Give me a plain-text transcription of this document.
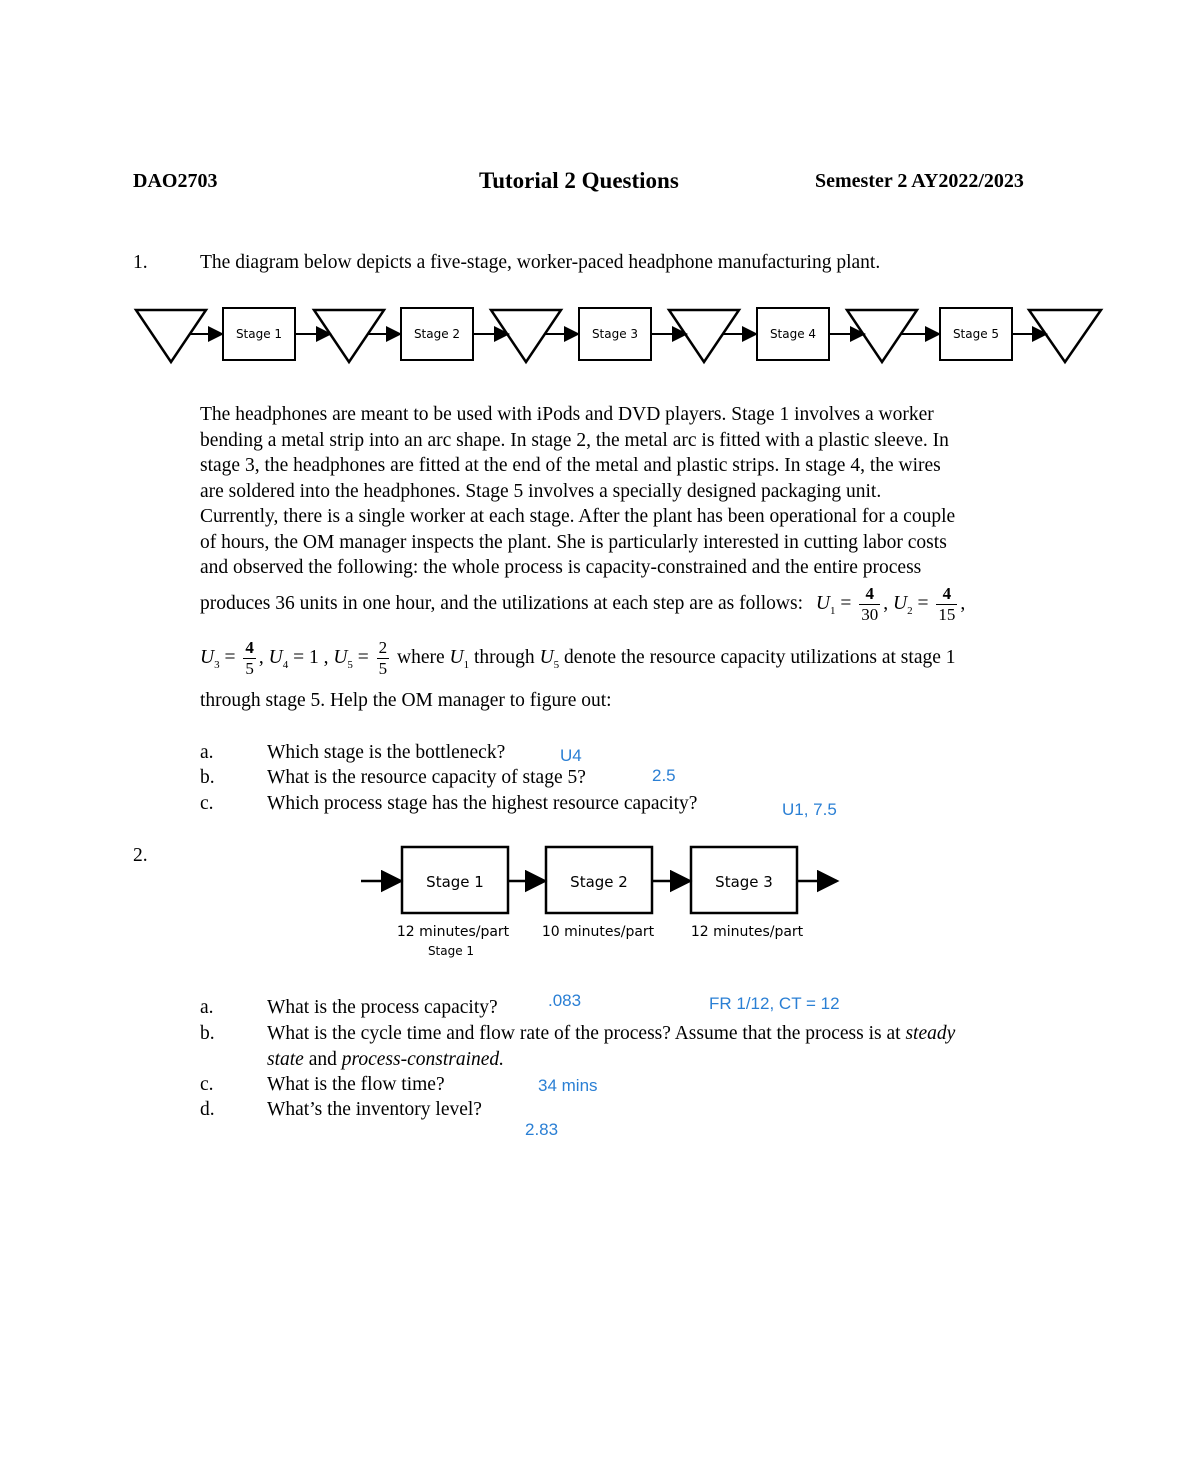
DAO2703	Tutorial 2 Questions	Semester 2 AY2022/2023
1.	The diagram below depicts a five-stage, worker-paced headphone manufacturing plant.
Stage 1	Stage 2	Stage 3	Stage 4	Stage 5
The headphones are meant to be used with iPods and DVD players. Stage 1 involves a worker
bending a metal strip into an arc shape. In stage 2, the metal arc is fitted with a plastic sleeve. In
stage 3, the headphones are fitted at the end of the metal and plastic strips. In stage 4, the wires
are soldered into the headphones. Stage 5 involves a specially designed packaging unit.
Currently, there is a single worker at each stage. After the plant has been operational for a couple
of hours, the OM manager inspects the plant. She is particularly interested in cutting labor costs
and observed the following: the whole process is capacity-constrained and the entire process
produces 36 units in one hour, and the utilizations at each step are as follows: $U_1 = \frac{4}{30}$ , $U_2 = \frac{4}{15}$ ,
$U_3 = \frac{4}{5}$ , $U_4 = 1$ , $U_5 = \frac{2}{5}$ where $U_1$ through $U_5$ denote the resource capacity utilizations at stage 1
through stage 5. Help the OM manager to figure out:
a.	Which stage is the bottleneck?	U4
b.	What is the resource capacity of stage 5?	2.5
c.	Which process stage has the highest resource capacity?	U1, 7.5
2.
Stage 1	Stage 2	Stage 3
12 minutes/part 10 minutes/part	12 minutes/part
Stage 1
a.	What is the process capacity?	.083	FR 1/12, CT = 12
b.	What is the cycle time and flow rate of the process? Assume that the process is at steady
state and process-constrained.
c.	What is the flow time?	34 mins
d.	What’s the inventory level?
2.83
